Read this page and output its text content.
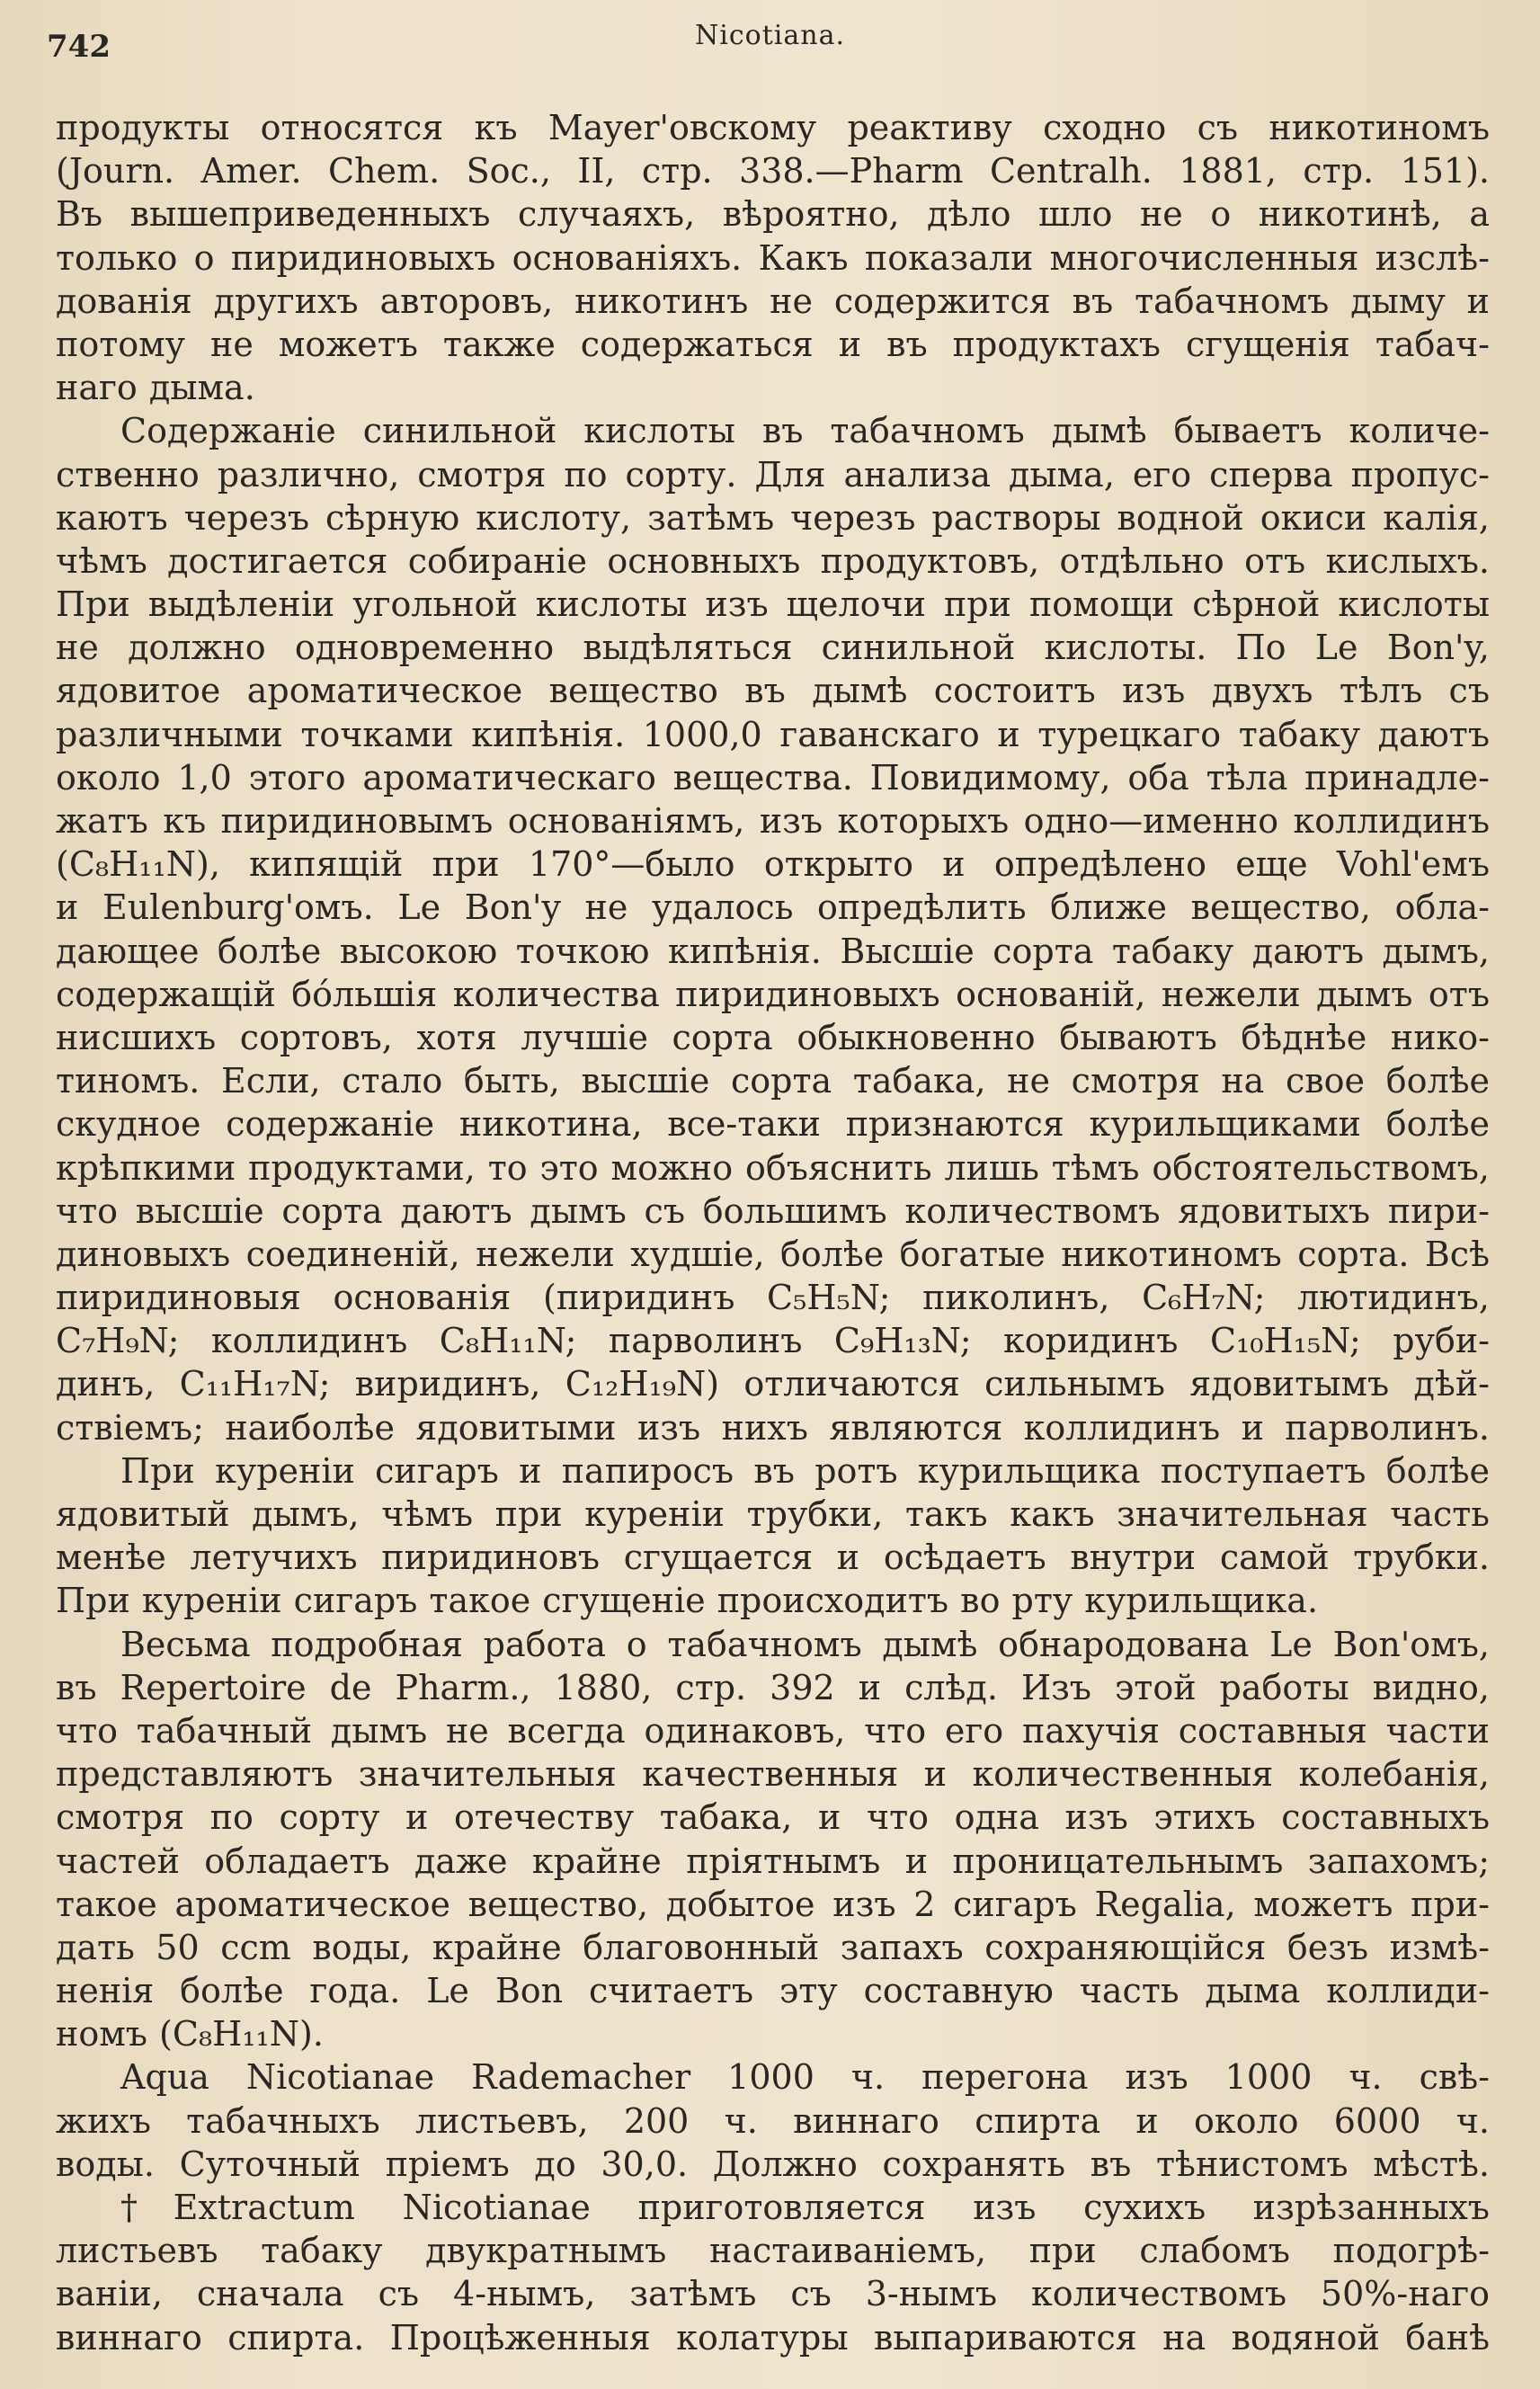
742	Nicotiana.
продукты относятся къ Mayer'овскому реактиву сходно съ никотиномъ
(Journ. Amer. Chem. Soc., II, стр. 338.—Pharm Centralh. 1881, стр. 151).
Въ вышеприведенныхъ случаяхъ, вѣроятно, дѣло шло не о никотинѣ, а
только о пиридиновыхъ основаніяхъ. Какъ показали многочисленныя изслѣ-
дованія другихъ авторовъ, никотинъ не содержится въ табачномъ дыму и
потому не можетъ также содержаться и въ продуктахъ сгущенія табач-
наго дыма.
Содержаніе синильной кислоты въ табачномъ дымѣ бываетъ количе-
ственно различно, смотря по сорту. Для анализа дыма, его сперва пропус-
каютъ черезъ сѣрную кислоту, затѣмъ черезъ растворы водной окиси калія,
чѣмъ достигается собираніе основныхъ продуктовъ, отдѣльно отъ кислыхъ.
При выдѣленіи угольной кислоты изъ щелочи при помощи сѣрной кислоты
не должно одновременно выдѣляться синильной кислоты. По Le Bon'y,
ядовитое ароматическое вещество въ дымѣ состоитъ изъ двухъ тѣлъ съ
различными точками кипѣнія. 1000,0 гаванскаго и турецкаго табаку даютъ
около 1,0 этого ароматическаго вещества. Повидимому, оба тѣла принадле-
жатъ къ пиридиновымъ основаніямъ, изъ которыхъ одно—именно коллидинъ
(C₈H₁₁N), кипящій при 170°—было открыто и опредѣлено еще Vohl'емъ
и Eulenburg'омъ. Le Bon'y не удалось опредѣлить ближе вещество, обла-
дающее болѣе высокою точкою кипѣнія. Высшіе сорта табаку даютъ дымъ,
содержащій бóльшія количества пиридиновыхъ основаній, нежели дымъ отъ
нисшихъ сортовъ, хотя лучшіе сорта обыкновенно бываютъ бѣднѣе нико-
тиномъ. Если, стало быть, высшіе сорта табака, не смотря на свое болѣе
скудное содержаніе никотина, все-таки признаются курильщиками болѣе
крѣпкими продуктами, то это можно объяснить лишь тѣмъ обстоятельствомъ,
что высшіе сорта даютъ дымъ съ большимъ количествомъ ядовитыхъ пири-
диновыхъ соединеній, нежели худшіе, болѣе богатые никотиномъ сорта. Всѣ
пиридиновыя основанія (пиридинъ C₅H₅N; пиколинъ, C₆H₇N; лютидинъ,
C₇H₉N; коллидинъ C₈H₁₁N; парволинъ C₉H₁₃N; коридинъ C₁₀H₁₅N; руби-
динъ, C₁₁H₁₇N; виридинъ, C₁₂H₁₉N) отличаются сильнымъ ядовитымъ дѣй-
ствіемъ; наиболѣе ядовитыми изъ нихъ являются коллидинъ и парволинъ.
При куреніи сигаръ и папиросъ въ ротъ курильщика поступаетъ болѣе
ядовитый дымъ, чѣмъ при куреніи трубки, такъ какъ значительная часть
менѣе летучихъ пиридиновъ сгущается и осѣдаетъ внутри самой трубки.
При куреніи сигаръ такое сгущеніе происходитъ во рту курильщика.
Весьма подробная работа о табачномъ дымѣ обнародована Le Bon'омъ,
въ Repertoire de Pharm., 1880, стр. 392 и слѣд. Изъ этой работы видно,
что табачный дымъ не всегда одинаковъ, что его пахучія составныя части
представляютъ значительныя качественныя и количественныя колебанія,
смотря по сорту и отечеству табака, и что одна изъ этихъ составныхъ
частей обладаетъ даже крайне пріятнымъ и проницательнымъ запахомъ;
такое ароматическое вещество, добытое изъ 2 сигаръ Regalia, можетъ при-
дать 50 ccm воды, крайне благовонный запахъ сохраняющійся безъ измѣ-
ненія болѣе года. Le Bon считаетъ эту составную часть дыма коллиди-
номъ (C₈H₁₁N).
Aqua Nicotianae Rademacher 1000 ч. перегона изъ 1000 ч. свѣ-
жихъ табачныхъ листьевъ, 200 ч. виннаго спирта и около 6000 ч.
воды. Суточный пріемъ до 30,0. Должно сохранять въ тѣнистомъ мѣстѣ.
†Extractum Nicotianae приготовляется изъ сухихъ изрѣзанныхъ
листьевъ табаку двукратнымъ настаиваніемъ, при слабомъ подогрѣ-
ваніи, сначала съ 4-нымъ, затѣмъ съ 3-нымъ количествомъ 50%-наго
виннаго спирта. Процѣженныя колатуры выпариваются на водяной банѣ
